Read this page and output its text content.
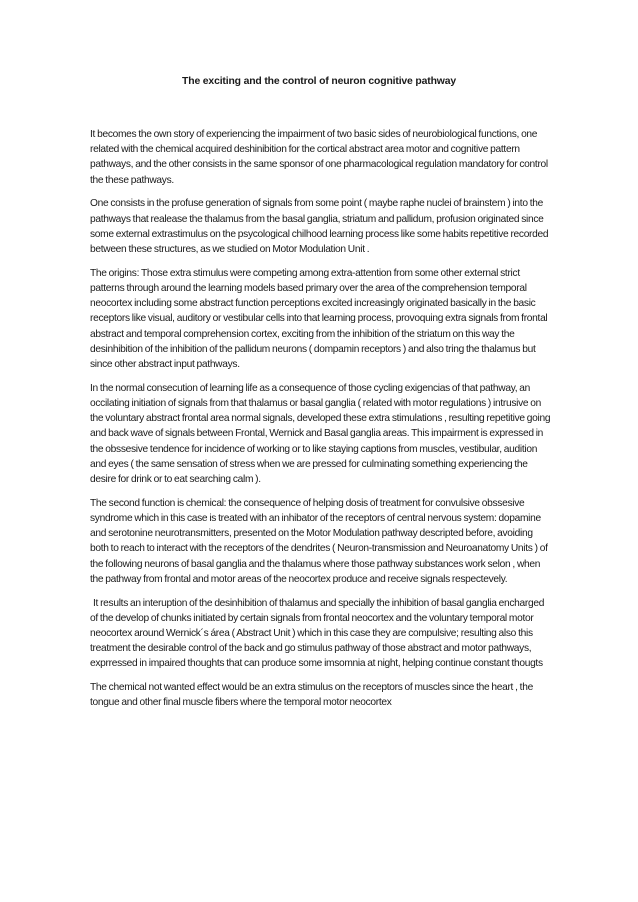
The exciting and the control of neuron cognitive pathway

It becomes the own story of experiencing the impairment of two basic sides of neurobiological functions, one related with the chemical acquired deshinibition for the cortical abstract area motor and cognitive pattern pathways, and the other consists in the same sponsor of one pharmacological regulation mandatory for control the these pathways.

One consists in the profuse generation of signals from some point ( maybe raphe nuclei of brainstem ) into the pathways that realease the thalamus from the basal ganglia, striatum and pallidum, profusion originated since some external extrastimulus on the psycological chilhood learning process like some habits repetitive recorded between these structures, as we studied on Motor Modulation Unit .

The origins: Those extra stimulus were competing among extra-attention from some other external strict patterns through around the learning models based primary over the area of the comprehension temporal neocortex including some abstract function perceptions excited increasingly originated basically in the basic receptors like visual, auditory or vestibular cells into that learning process, provoquing extra signals from frontal abstract and temporal comprehension cortex, exciting from the inhibition of the striatum on this way the desinhibition of the inhibition of the pallidum neurons ( dompamin receptors ) and also tring the thalamus but since other abstract input pathways.

In the normal consecution of learning life as a consequence of those cycling exigencias of that pathway, an occilating initiation of signals from that thalamus or basal ganglia ( related with motor regulations ) intrusive on the voluntary abstract frontal area normal signals, developed these extra stimulations , resulting repetitive going and back wave of signals between Frontal, Wernick and Basal ganglia areas. This impairment is expressed in the obssesive tendence for incidence of working or to like staying captions from muscles, vestibular, audition and eyes ( the same sensation of stress when we are pressed for culminating something experiencing the desire for drink or to eat searching calm ).

The second function is chemical: the consequence of helping dosis of treatment for convulsive obssesive syndrome which in this case is treated with an inhibator of the receptors of central nervous system: dopamine and serotonine neurotransmitters, presented on the Motor Modulation pathway descripted before, avoiding both to reach to interact with the receptors of the dendrites ( Neuron-transmission and Neuroanatomy Units ) of the following neurons of basal ganglia and the thalamus where those pathway substances work selon , when the pathway from frontal and motor areas of the neocortex produce and receive signals respectevely.

It results an interuption of the desinhibition of thalamus and specially the inhibition of basal ganglia encharged of the develop of chunks initiated by certain signals from frontal neocortex and the voluntary temporal motor neocortex around Wernick´s área ( Abstract Unit ) which in this case they are compulsive; resulting also this treatment the desirable control of the back and go stimulus pathway of those abstract and motor pathways, exprressed in impaired thoughts that can produce some imsomnia at night, helping continue constant thougts

The chemical not wanted effect would be an extra stimulus on the receptors of muscles since the heart , the tongue and other final muscle fibers where the temporal motor neocortex
